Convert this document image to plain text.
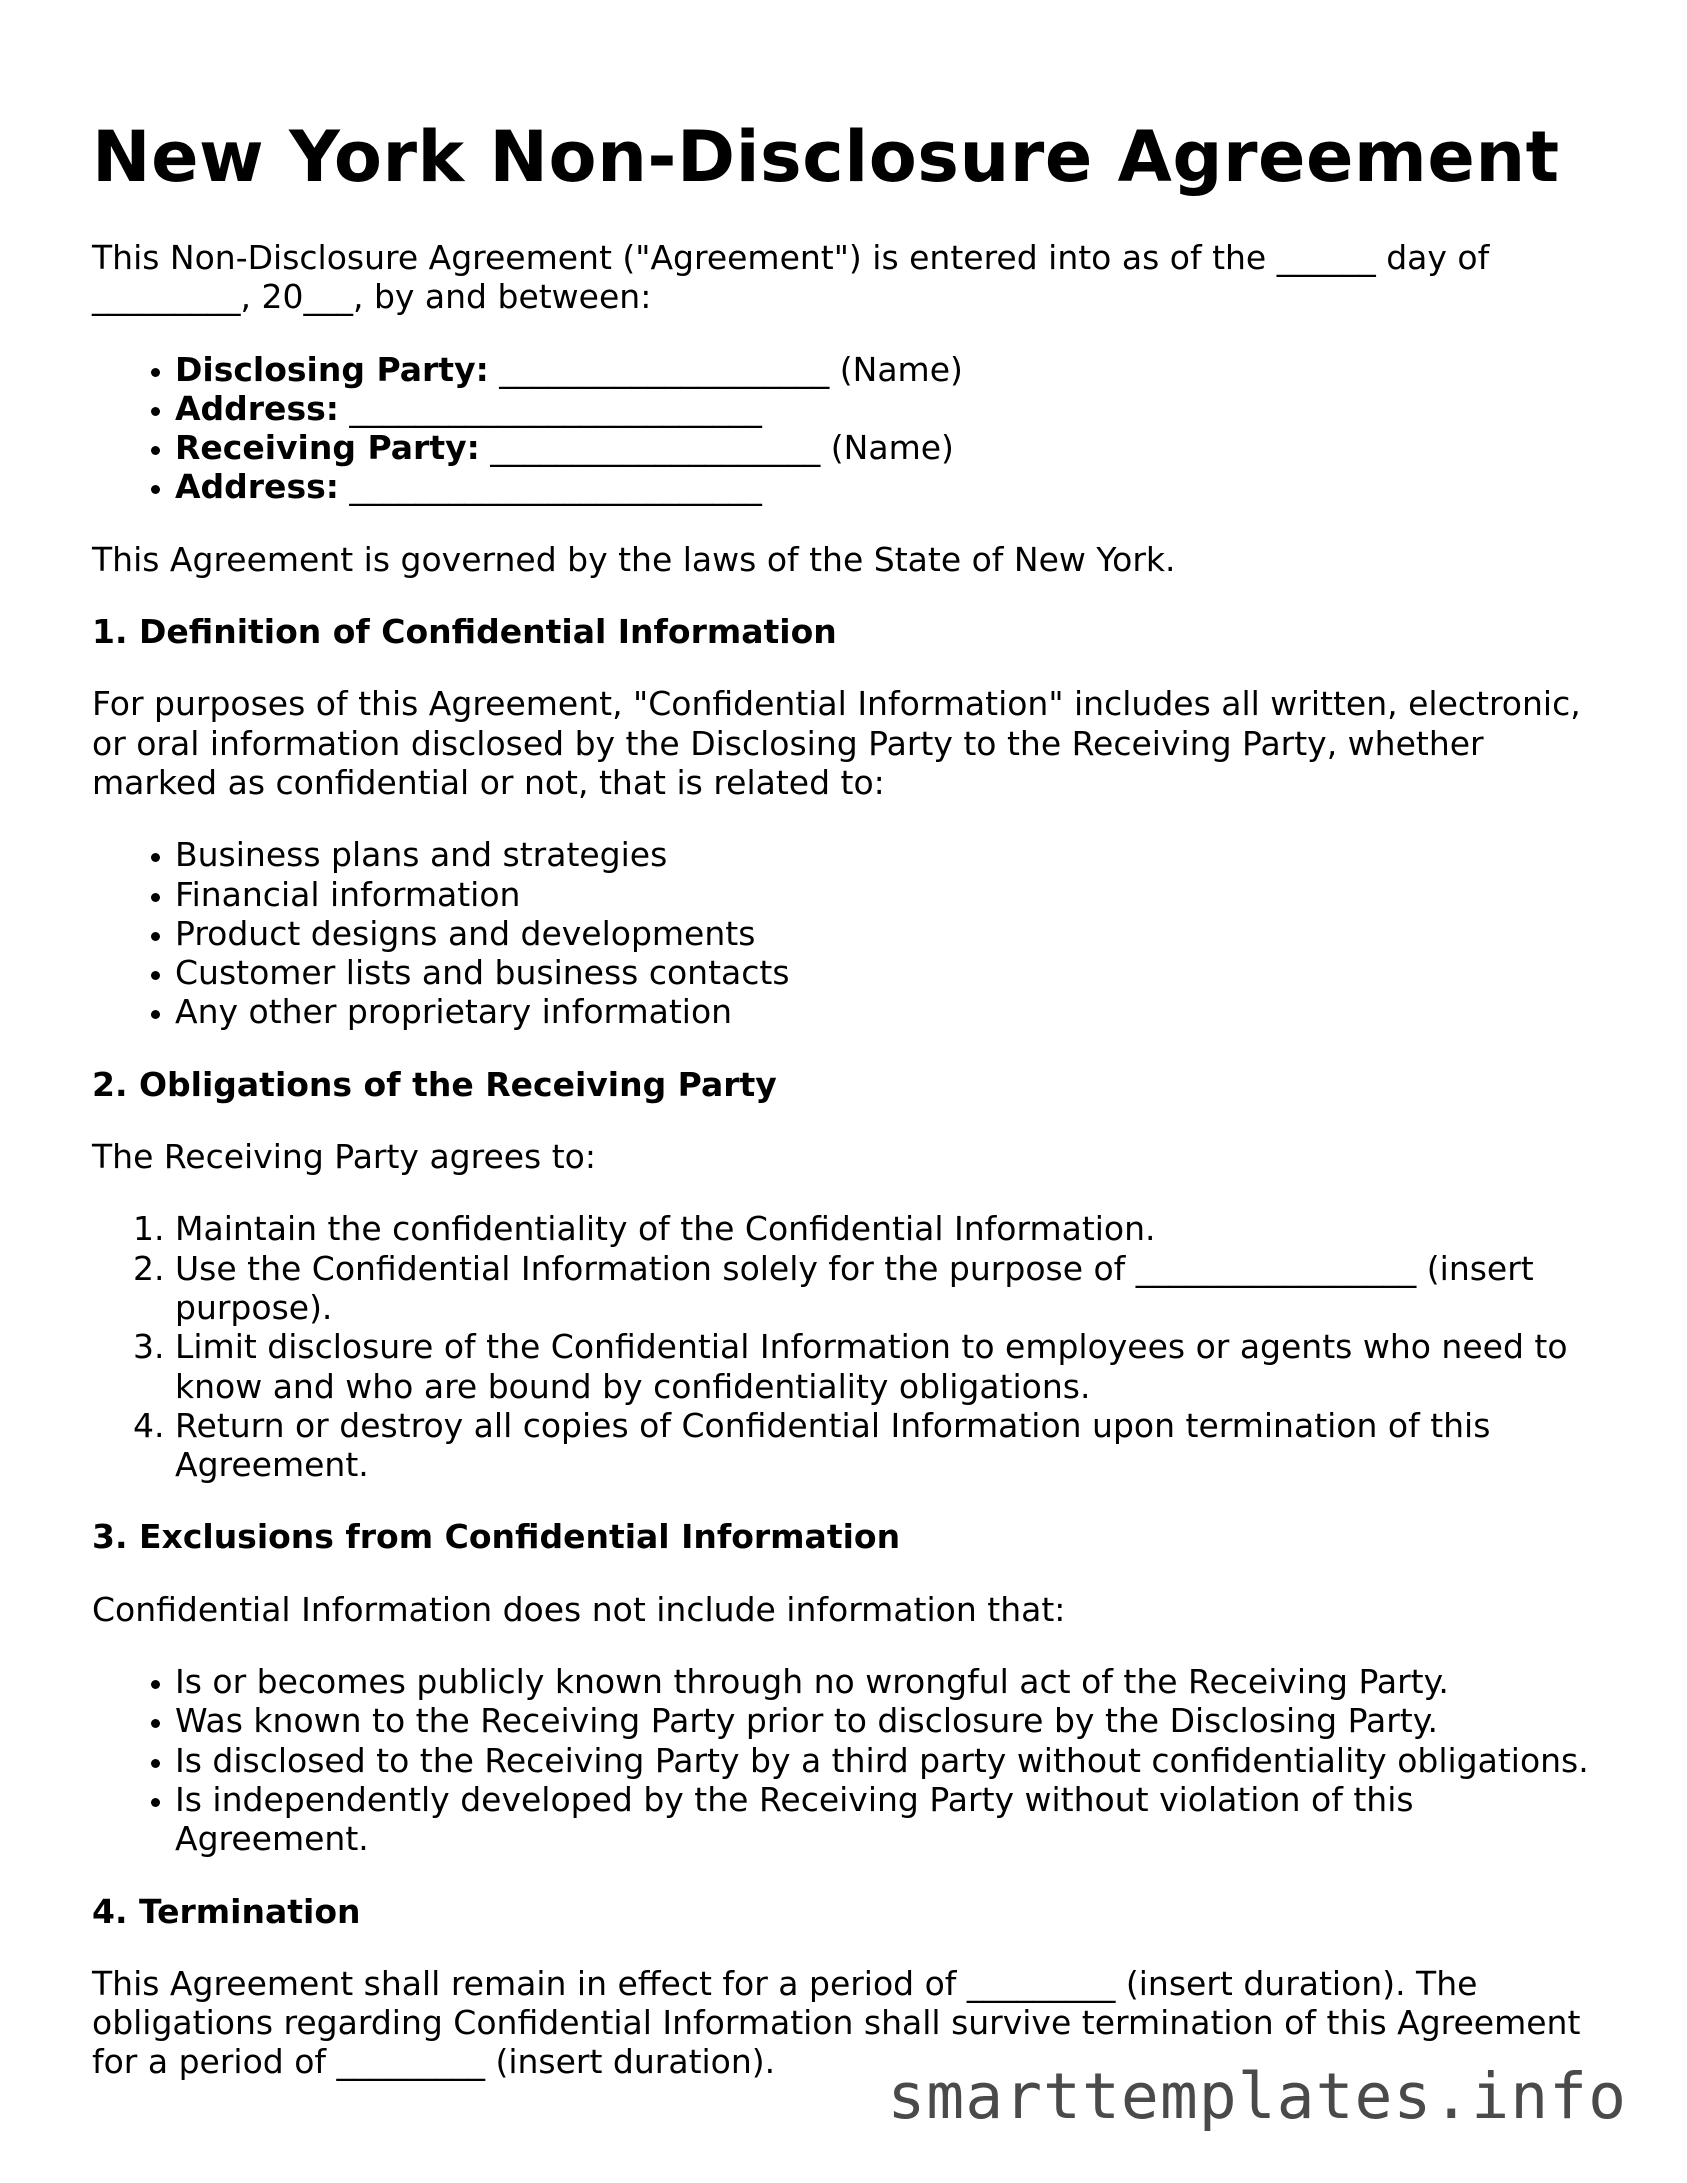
New York Non-Disclosure Agreement

This Non-Disclosure Agreement ("Agreement") is entered into as of the ______ day of _________, 20___, by and between:

• Disclosing Party: ____________________ (Name)
• Address: _________________________
• Receiving Party: ____________________ (Name)
• Address: _________________________

This Agreement is governed by the laws of the State of New York.

1. Definition of Confidential Information

For purposes of this Agreement, "Confidential Information" includes all written, electronic, or oral information disclosed by the Disclosing Party to the Receiving Party, whether marked as confidential or not, that is related to:

• Business plans and strategies
• Financial information
• Product designs and developments
• Customer lists and business contacts
• Any other proprietary information
2. Obligations of the Receiving Party

The Receiving Party agrees to:

1. Maintain the confidentiality of the Confidential Information.
2. Use the Confidential Information solely for the purpose of _________________ (insert purpose).
3. Limit disclosure of the Confidential Information to employees or agents who need to know and who are bound by confidentiality obligations.
4. Return or destroy all copies of Confidential Information upon termination of this Agreement.
3. Exclusions from Confidential Information

Confidential Information does not include information that:

• Is or becomes publicly known through no wrongful act of the Receiving Party.
• Was known to the Receiving Party prior to disclosure by the Disclosing Party.
• Is disclosed to the Receiving Party by a third party without confidentiality obligations.
• Is independently developed by the Receiving Party without violation of this Agreement.
4. Termination

This Agreement shall remain in effect for a period of _________ (insert duration). The obligations regarding Confidential Information shall survive termination of this Agreement for a period of _________ (insert duration).	smarttemplates.info
